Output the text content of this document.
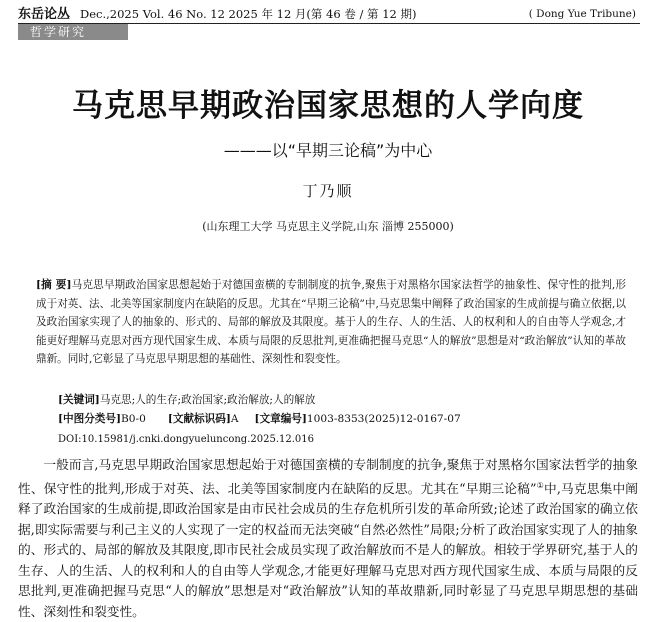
东岳论丛 Dec.,2025 Vol. 46 No. 12 2025 年 12 月(第 46 卷 / 第 12 期)	( Dong Yue Tribune)
哲学研究
马克思早期政治国家思想的人学向度
———以“早期三论稿”为中心
丁乃顺
(山东理工大学 马克思主义学院,山东 淄博 255000)
[摘 要]马克思早期政治国家思想起始于对德国蛮横的专制制度的抗争,聚焦于对黑格尔国家法哲学的抽象性、保守性的批判,形成于对英、法、北美等国家制度内在缺陷的反思。尤其在“早期三论稿”中,马克思集中阐释了政治国家的生成前提与确立依据,以及政治国家实现了人的抽象的、形式的、局部的解放及其限度。基于人的生存、人的生活、人的权利和人的自由等人学观念,才能更好理解马克思对西方现代国家生成、本质与局限的反思批判,更准确把握马克思“人的解放”思想是对“政治解放”认知的革故鼎新。同时,它彰显了马克思早期思想的基础性、深刻性和裂变性。
[关键词]马克思;人的生存;政治国家;政治解放;人的解放
[中图分类号]B0-0 [文献标识码]A [文章编号]1003-8353(2025)12-0167-07
DOI:10.15981/j.cnki.dongyueluncong.2025.12.016
一般而言,马克思早期政治国家思想起始于对德国蛮横的专制制度的抗争,聚焦于对黑格尔国家法哲学的抽象性、保守性的批判,形成于对英、法、北美等国家制度内在缺陷的反思。尤其在“早期三论稿”①中,马克思集中阐释了政治国家的生成前提,即政治国家是由市民社会成员的生存危机所引发的革命所致;论述了政治国家的确立依据,即实际需要与利己主义的人实现了一定的权益而无法突破“自然必然性”局限;分析了政治国家实现了人的抽象的、形式的、局部的解放及其限度,即市民社会成员实现了政治解放而不是人的解放。相较于学界研究,基于人的生存、人的生活、人的权利和人的自由等人学观念,才能更好理解马克思对西方现代国家生成、本质与局限的反思批判,更准确把握马克思“人的解放”思想是对“政治解放”认知的革故鼎新,同时彰显了马克思早期思想的基础性、深刻性和裂变性。
